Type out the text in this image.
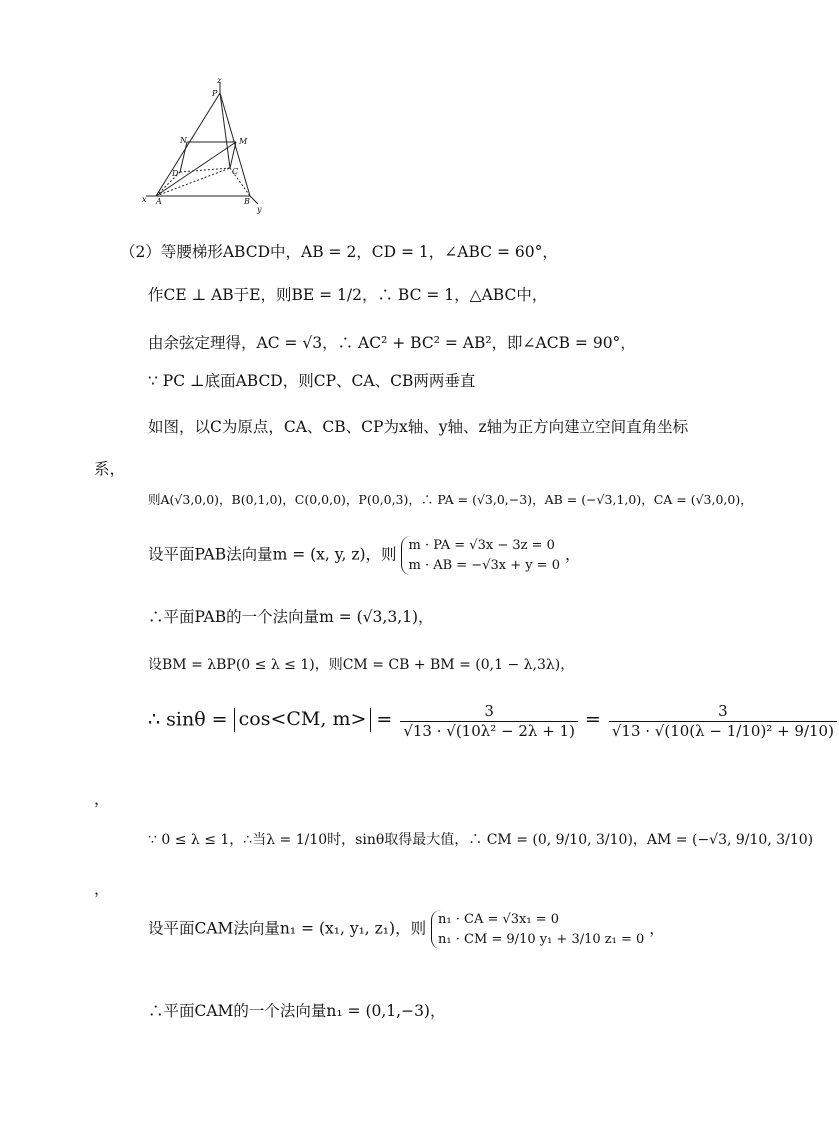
z
P
N	M
D	C
x A	B
y
（2）等腰梯形ABCD中，AB = 2，CD = 1，∠ABC = 60°，
作CE ⊥ AB于E，则BE = 1/2，∴ BC = 1，△ABC中，
由余弦定理得，AC = √3，∴ AC² + BC² = AB²，即∠ACB = 90°，
∵ PC ⊥底面ABCD，则CP、CA、CB两两垂直
如图，以C为原点，CA、CB、CP为x轴、y轴、z轴为正方向建立空间直角坐标
系，
则A(√3,0,0)，B(0,1,0)，C(0,0,0)，P(0,0,3)，∴ PA = (√3,0,−3)，AB = (−√3,1,0)，CA = (√3,0,0)，
设平面PAB法向量m = (x, y, z)，则 m · PA = √3x − 3z = 0
m · AB = −√3x + y = 0 ，
∴平面PAB的一个法向量m = (√3,3,1)，
设BM = λBP(0 ≤ λ ≤ 1)，则CM = CB + BM = (0,1 − λ,3λ)，
∴ sinθ = cos<CM, $m> = \frac{3}{\text{√13 · √(10λ² − 2λ + 1)}} = \frac{3}{\text{√13 · √(10(λ − 1/10)² + 9/10)}}$
，
∵ 0 ≤ λ ≤ 1，∴当λ = 1/10时，sinθ取得最大值，∴ CM = (0, 9/10, 3/10)，AM = (−√3, 9/10, 3/10)
，
设平面CAM法向量n₁ = (x₁, y₁, z₁)，则 n₁ · CA = √3x₁ = 0
n₁ · CM = 9/10 y₁ + 3/10 z₁ = 0 ，
∴平面CAM的一个法向量n₁ = (0,1,−3)，
